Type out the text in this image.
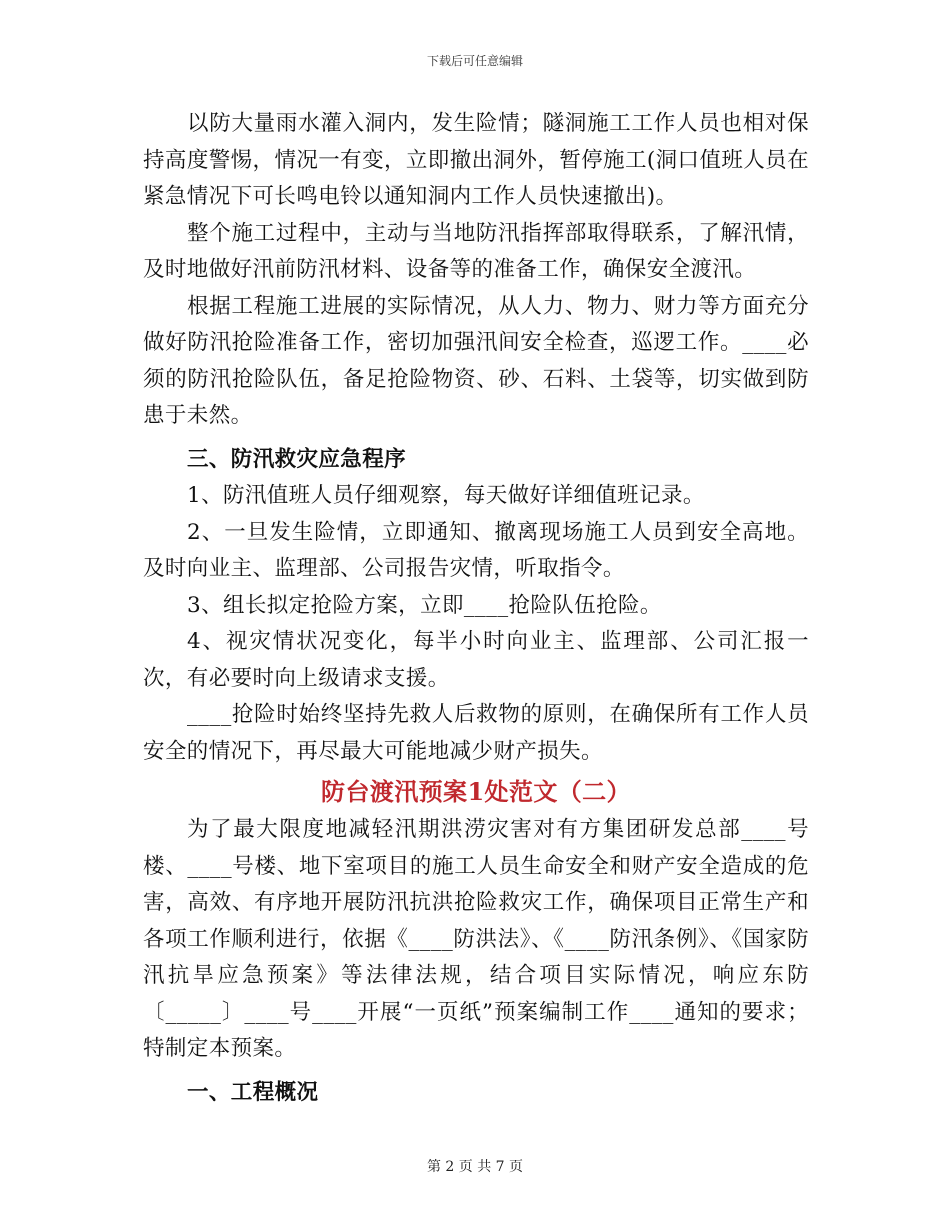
下载后可任意编辑

以防大量雨水灌入洞内，发生险情；隧洞施工工作人员也相对保持高度警惕，情况一有变，立即撤出洞外，暂停施工(洞口值班人员在紧急情况下可长鸣电铃以通知洞内工作人员快速撤出)。

整个施工过程中，主动与当地防汛指挥部取得联系，了解汛情，及时地做好汛前防汛材料、设备等的准备工作，确保安全渡汛。

根据工程施工进展的实际情况，从人力、物力、财力等方面充分做好防汛抢险准备工作，密切加强汛间安全检查，巡逻工作。____必须的防汛抢险队伍，备足抢险物资、砂、石料、土袋等，切实做到防患于未然。

三、防汛救灾应急程序

1、防汛值班人员仔细观察，每天做好详细值班记录。

2、一旦发生险情，立即通知、撤离现场施工人员到安全高地。及时向业主、监理部、公司报告灾情，听取指令。

3、组长拟定抢险方案，立即____抢险队伍抢险。

4、视灾情状况变化，每半小时向业主、监理部、公司汇报一次，有必要时向上级请求支援。

____抢险时始终坚持先救人后救物的原则，在确保所有工作人员安全的情况下，再尽最大可能地减少财产损失。

防台渡汛预案1处范文（二）

为了最大限度地减轻汛期洪涝灾害对有方集团研发总部____号楼、____号楼、地下室项目的施工人员生命安全和财产安全造成的危害，高效、有序地开展防汛抗洪抢险救灾工作，确保项目正常生产和各项工作顺利进行，依据《____防洪法》、《____防汛条例》、《国家防汛抗旱应急预案》等法律法规，结合项目实际情况，响应东防〔_____〕____号____开展“一页纸”预案编制工作____通知的要求；特制定本预案。

一、工程概况

第 2 页 共 7 页
